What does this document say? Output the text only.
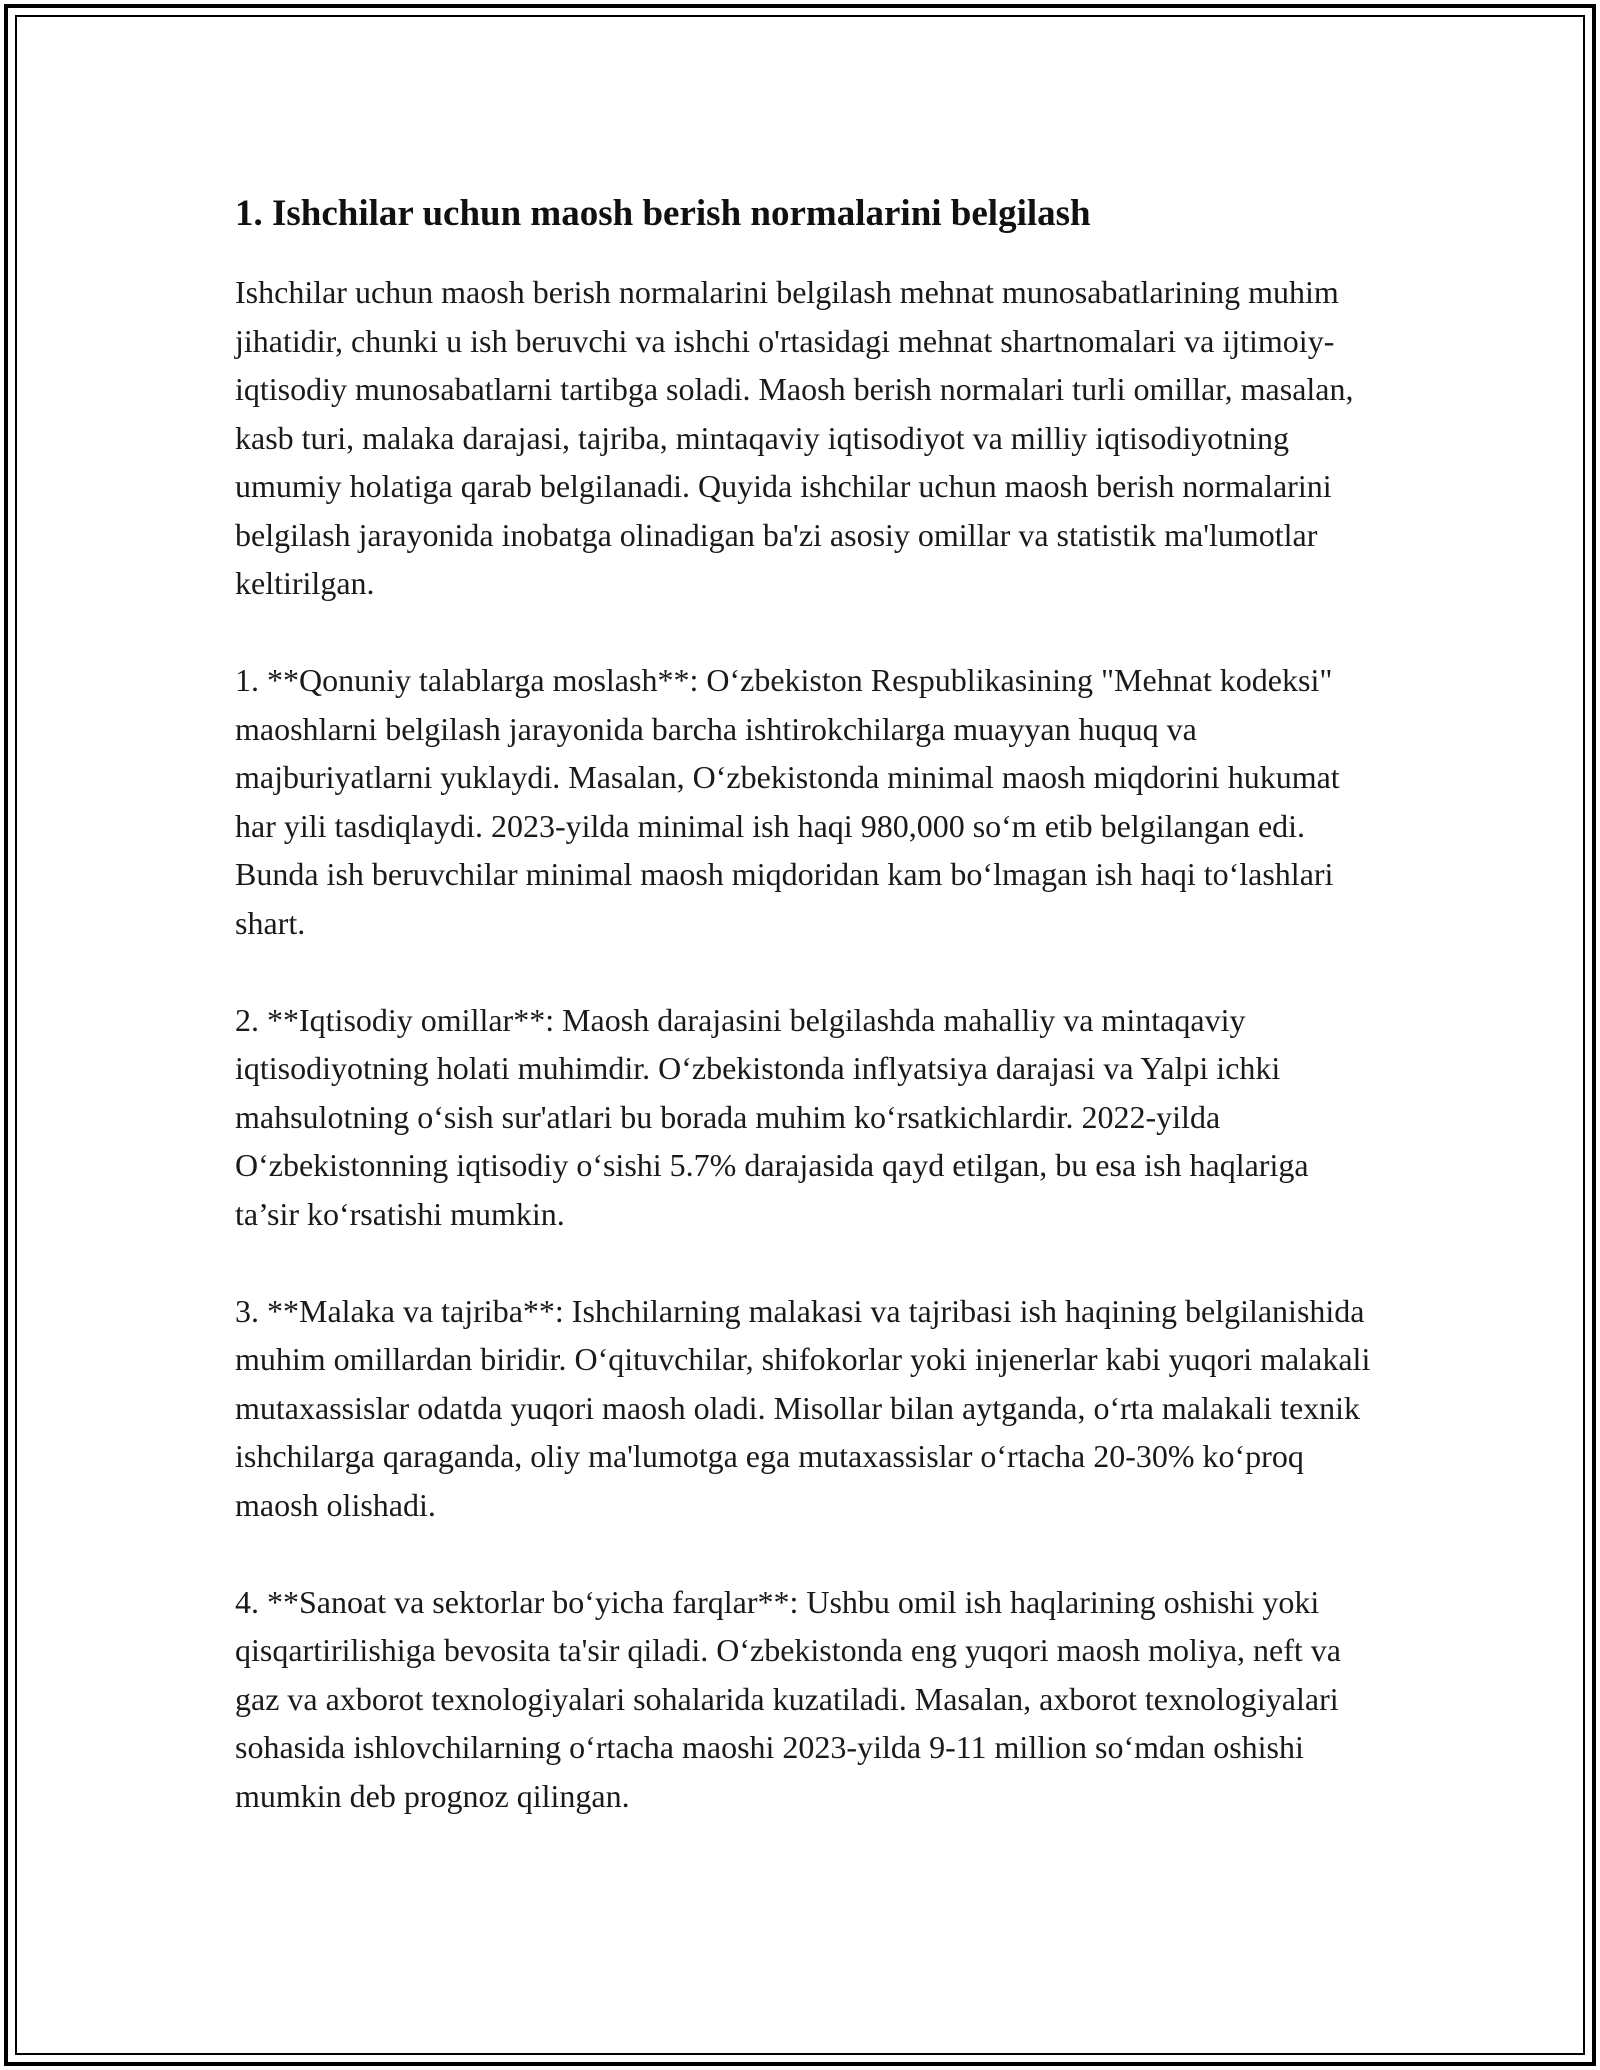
1. Ishchilar uchun maosh berish normalarini belgilash

Ishchilar uchun maosh berish normalarini belgilash mehnat munosabatlarining muhim jihatidir, chunki u ish beruvchi va ishchi o'rtasidagi mehnat shartnomalari va ijtimoiy-iqtisodiy munosabatlarni tartibga soladi. Maosh berish normalari turli omillar, masalan, kasb turi, malaka darajasi, tajriba, mintaqaviy iqtisodiyot va milliy iqtisodiyotning umumiy holatiga qarab belgilanadi. Quyida ishchilar uchun maosh berish normalarini belgilash jarayonida inobatga olinadigan ba'zi asosiy omillar va statistik ma'lumotlar keltirilgan.

1. **Qonuniy talablarga moslash**: O‘zbekiston Respublikasining "Mehnat kodeksi" maoshlarni belgilash jarayonida barcha ishtirokchilarga muayyan huquq va majburiyatlarni yuklaydi. Masalan, O‘zbekistonda minimal maosh miqdorini hukumat har yili tasdiqlaydi. 2023-yilda minimal ish haqi 980,000 so‘m etib belgilangan edi. Bunda ish beruvchilar minimal maosh miqdoridan kam bo‘lmagan ish haqi to‘lashlari shart.

2. **Iqtisodiy omillar**: Maosh darajasini belgilashda mahalliy va mintaqaviy iqtisodiyotning holati muhimdir. O‘zbekistonda inflyatsiya darajasi va Yalpi ichki mahsulotning o‘sish sur'atlari bu borada muhim ko‘rsatkichlardir. 2022-yilda O‘zbekistonning iqtisodiy o‘sishi 5.7% darajasida qayd etilgan, bu esa ish haqlariga ta’sir ko‘rsatishi mumkin.

3. **Malaka va tajriba**: Ishchilarning malakasi va tajribasi ish haqining belgilanishida muhim omillardan biridir. O‘qituvchilar, shifokorlar yoki injenerlar kabi yuqori malakali mutaxassislar odatda yuqori maosh oladi. Misollar bilan aytganda, o‘rta malakali texnik ishchilarga qaraganda, oliy ma'lumotga ega mutaxassislar o‘rtacha 20-30% ko‘proq maosh olishadi.

4. **Sanoat va sektorlar bo‘yicha farqlar**: Ushbu omil ish haqlarining oshishi yoki qisqartirilishiga bevosita ta'sir qiladi. O‘zbekistonda eng yuqori maosh moliya, neft va gaz va axborot texnologiyalari sohalarida kuzatiladi. Masalan, axborot texnologiyalari sohasida ishlovchilarning o‘rtacha maoshi 2023-yilda 9-11 million so‘mdan oshishi mumkin deb prognoz qilingan.
